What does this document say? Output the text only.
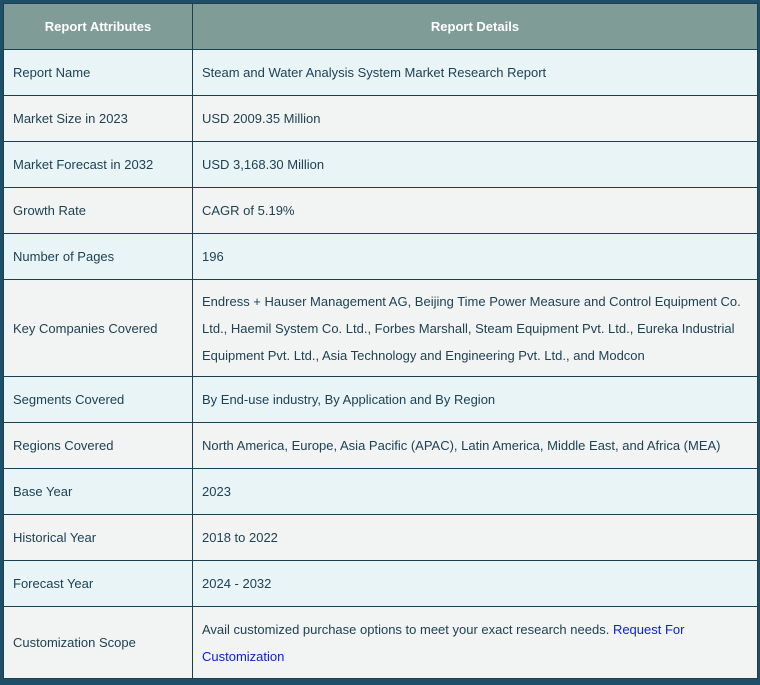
Report Attributes	Report Details
Report Name	Steam and Water Analysis System Market Research Report
Market Size in 2023	USD 2009.35 Million
Market Forecast in 2032	USD 3,168.30 Million
Growth Rate	CAGR of 5.19%
Number of Pages	196
Key Companies Covered	Endress + Hauser Management AG, Beijing Time Power Measure and Control Equipment Co. Ltd., Haemil System Co. Ltd., Forbes Marshall, Steam Equipment Pvt. Ltd., Eureka Industrial Equipment Pvt. Ltd., Asia Technology and Engineering Pvt. Ltd., and Modcon
Segments Covered	By End-use industry, By Application and By Region
Regions Covered	North America, Europe, Asia Pacific (APAC), Latin America, Middle East, and Africa (MEA)
Base Year	2023
Historical Year	2018 to 2022
Forecast Year	2024 - 2032
Customization Scope	Avail customized purchase options to meet your exact research needs. Request For Customization
